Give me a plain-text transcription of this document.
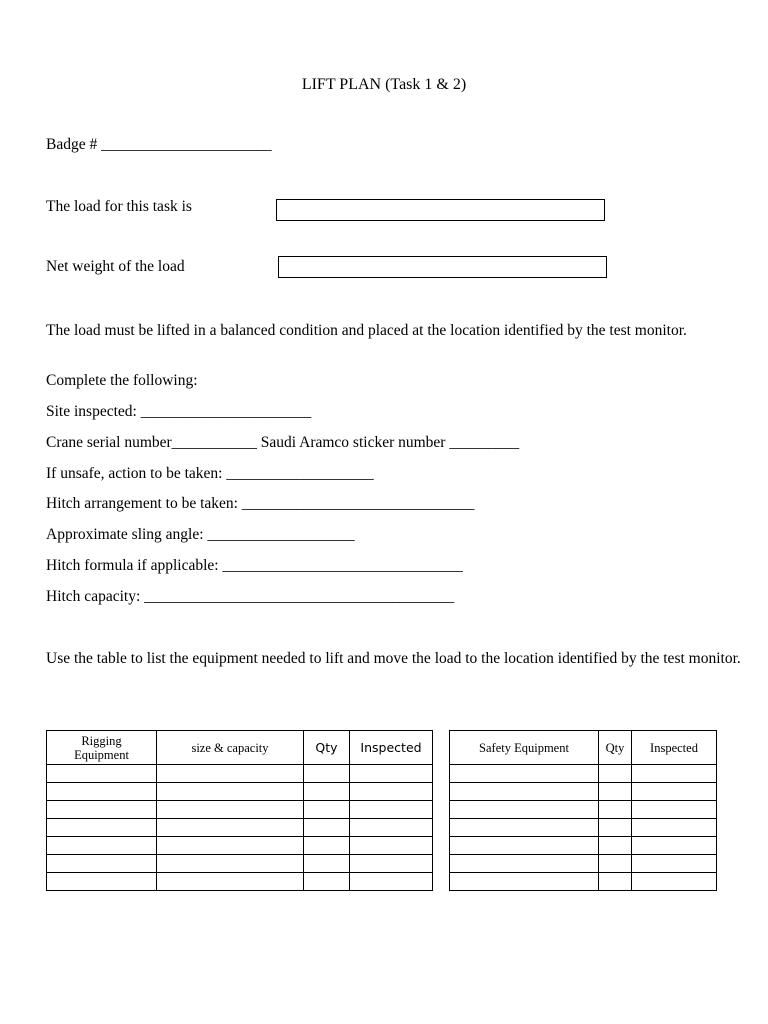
LIFT PLAN (Task 1 & 2)
Badge # ______________________
The load for this task is
Net weight of the load
The load must be lifted in a balanced condition and placed at the location identified by the test monitor.
Complete the following:
Site inspected: ______________________
Crane serial number___________ Saudi Aramco sticker number _________
If unsafe, action to be taken: ___________________
Hitch arrangement to be taken: ______________________________
Approximate sling angle: ___________________
Hitch formula if applicable: _______________________________
Hitch capacity: ________________________________________
Use the table to list the equipment needed to lift and move the load to the location identified by the test monitor.
Rigging Equipment	size & capacity	Qty	Inspected

				Safety Equipment	Qty	Inspected
